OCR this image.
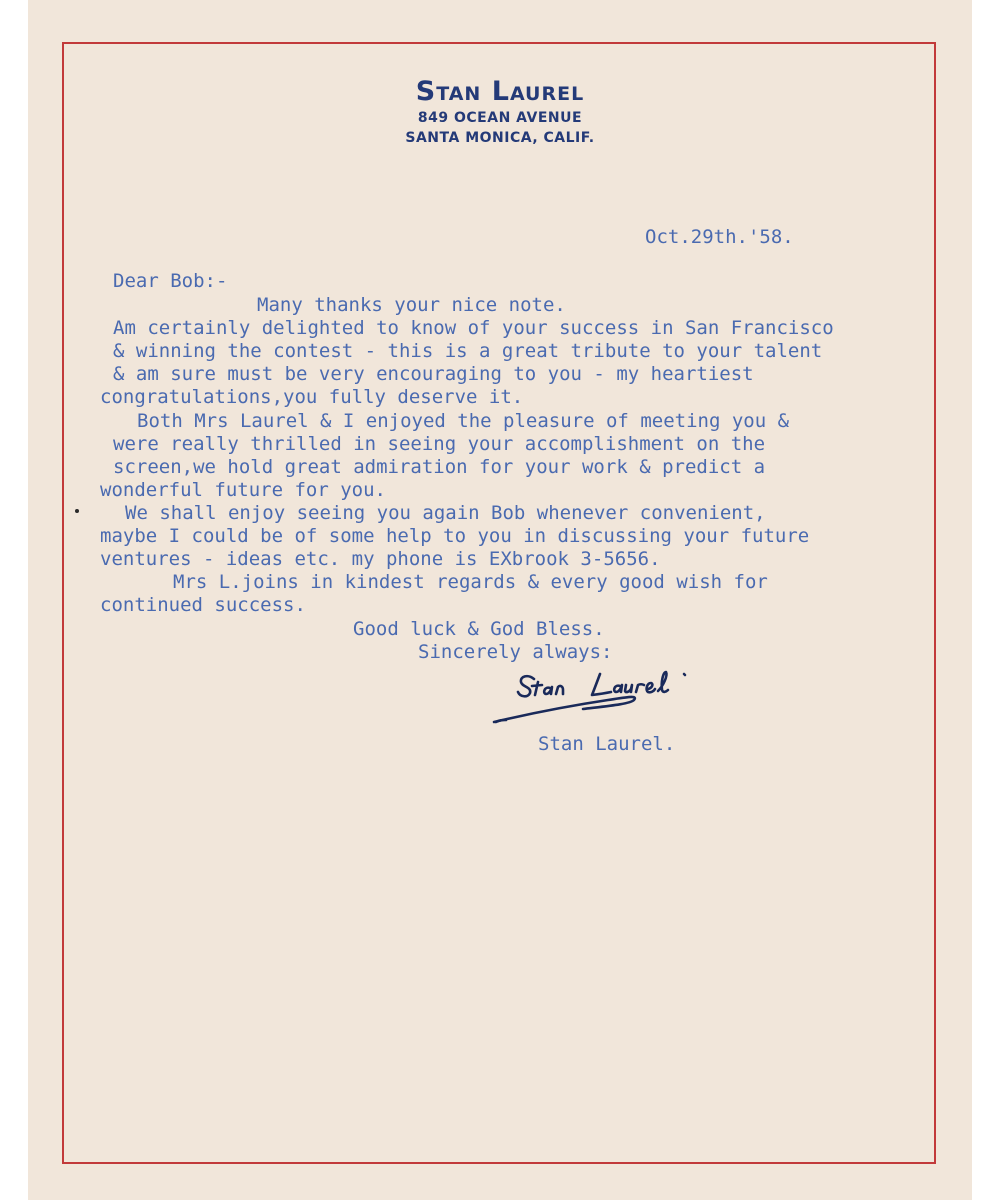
Stan Laurel
849 OCEAN AVENUE
SANTA MONICA, CALIF.
Oct.29th.'58.
Dear Bob:-
Many thanks your nice note.
Am certainly delighted to know of your success in San Francisco
& winning the contest - this is a great tribute to your talent
& am sure must be very encouraging to you - my heartiest
congratulations,you fully deserve it.
Both Mrs Laurel & I enjoyed the pleasure of meeting you &
were really thrilled in seeing your accomplishment on the
screen,we hold great admiration for your work & predict a
wonderful future for you.
We shall enjoy seeing you again Bob whenever convenient,
maybe I could be of some help to you in discussing your future
ventures - ideas etc. my phone is EXbrook 3-5656.
Mrs L.joins in kindest regards & every good wish for
continued success.
Good luck & God Bless.
Sincerely always:
Stan Laurel.
